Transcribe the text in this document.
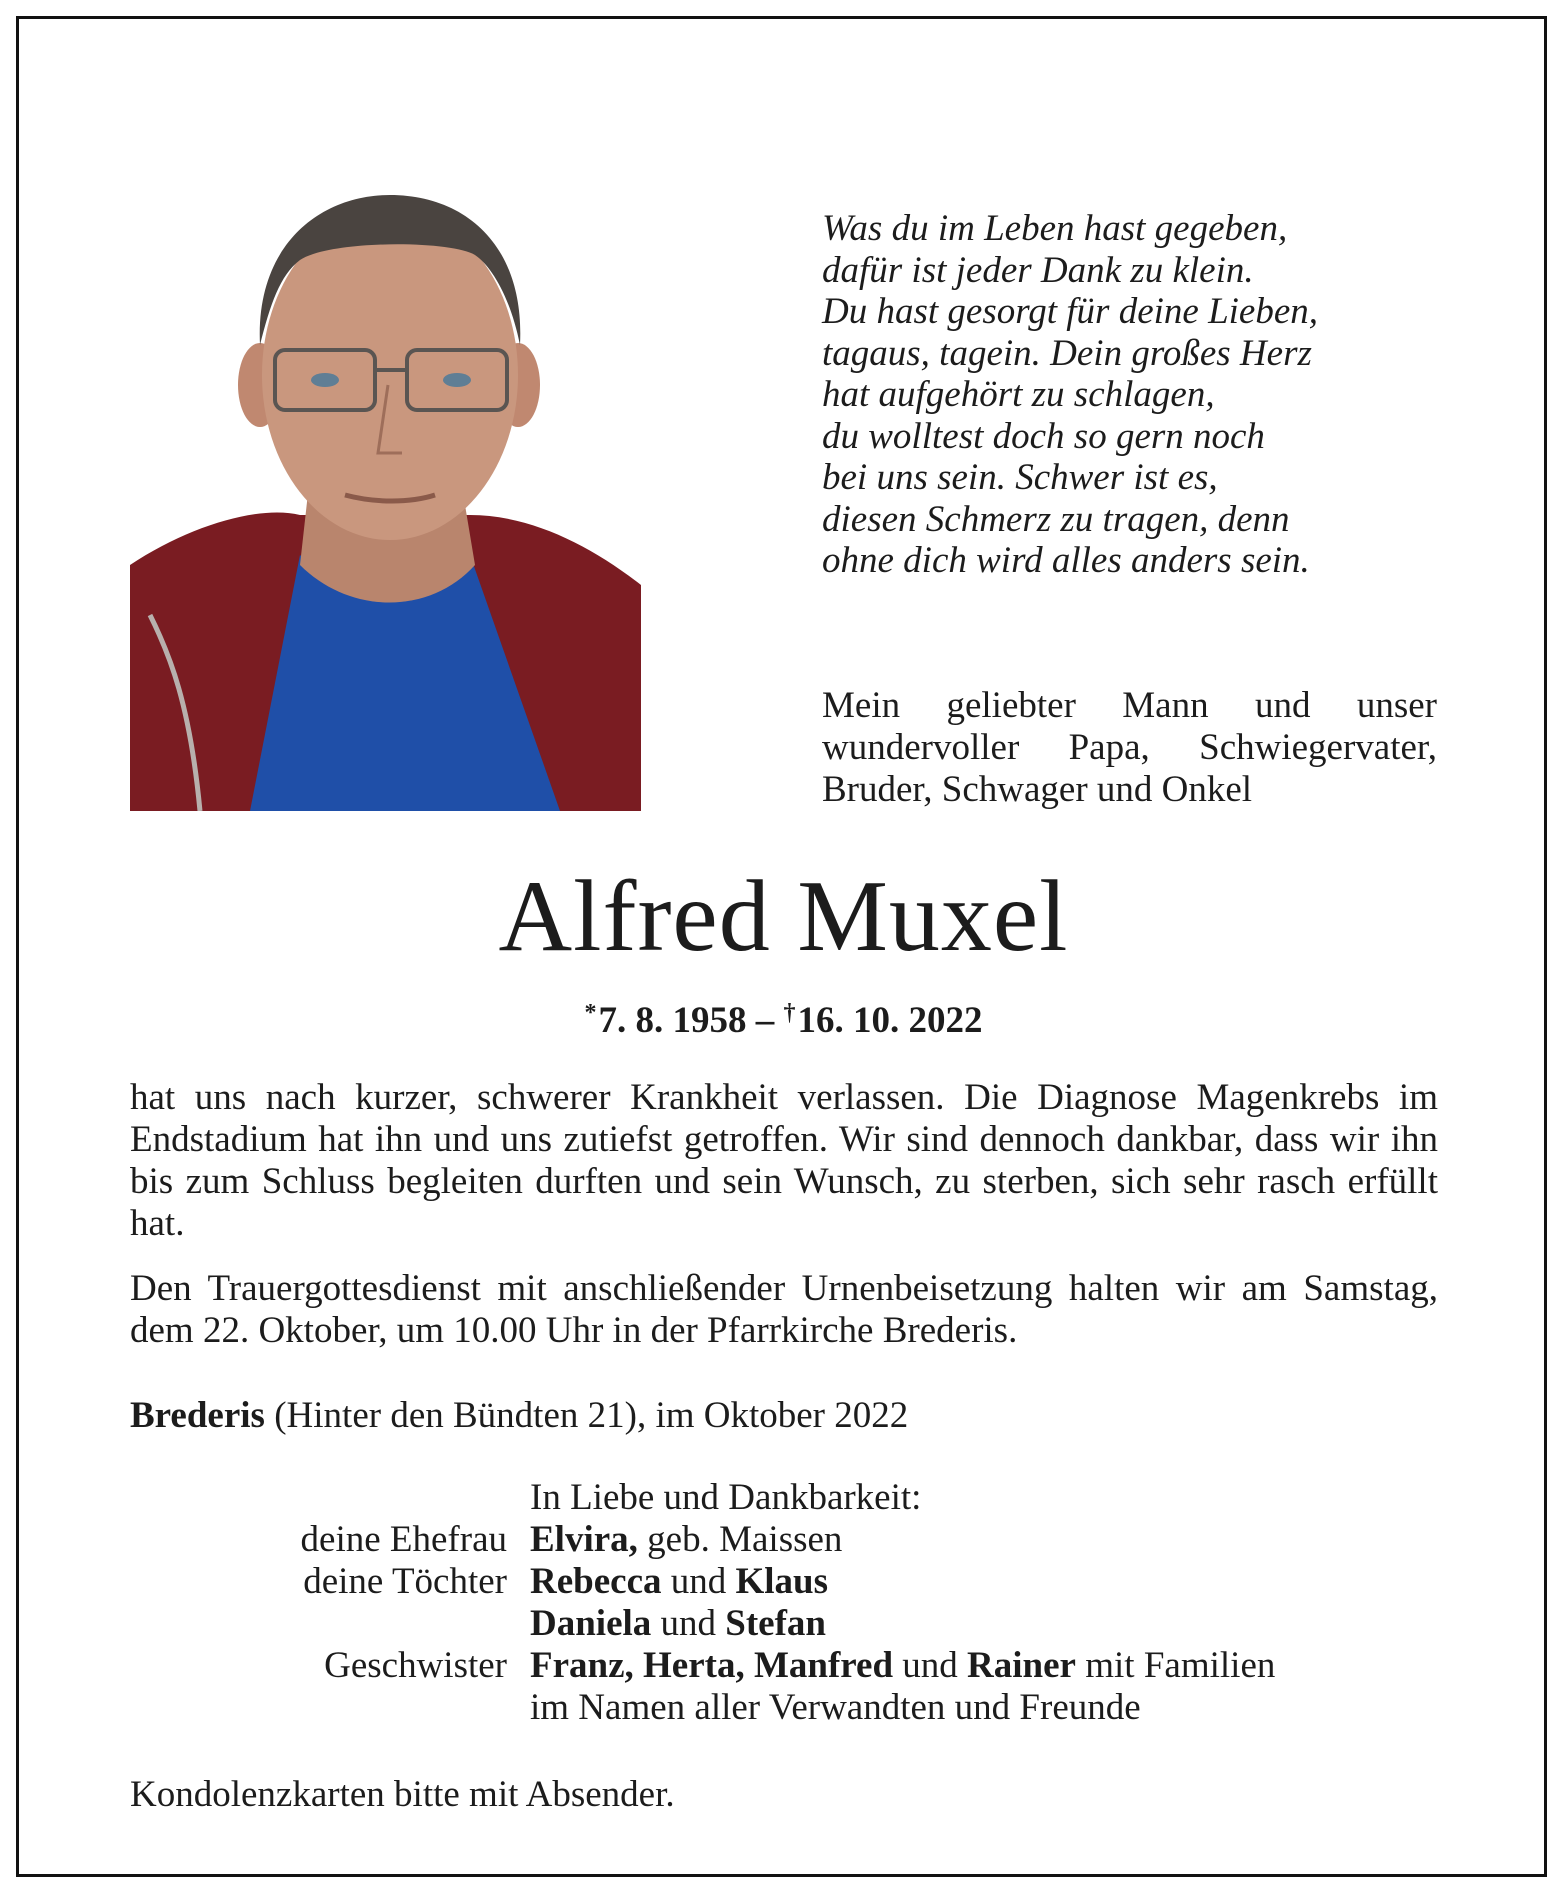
Was du im Leben hast gegeben,
dafür ist jeder Dank zu klein.
Du hast gesorgt für deine Lieben,
tagaus, tagein. Dein großes Herz
hat aufgehört zu schlagen,
du wolltest doch so gern noch
bei uns sein. Schwer ist es,
diesen Schmerz zu tragen, denn
ohne dich wird alles anders sein.
Mein geliebter Mann und unser wundervoller Papa, Schwiegervater, Bruder, Schwager und Onkel
Alfred Muxel
*7. 8. 1958 – †16. 10. 2022
hat uns nach kurzer, schwerer Krankheit verlassen. Die Diagnose Magenkrebs im Endstadium hat ihn und uns zutiefst getroffen. Wir sind dennoch dankbar, dass wir ihn bis zum Schluss begleiten durften und sein Wunsch, zu sterben, sich sehr rasch erfüllt hat.
Den Trauergottesdienst mit anschließender Urnenbeisetzung halten wir am Samstag, dem 22. Oktober, um 10.00 Uhr in der Pfarrkirche Brederis.
Brederis (Hinter den Bündten 21), im Oktober 2022
In Liebe und Dankbarkeit:
deine Ehefrau Elvira, geb. Maissen
deine Töchter Rebecca und Klaus
Daniela und Stefan
Geschwister Franz, Herta, Manfred und Rainer mit Familien
im Namen aller Verwandten und Freunde
Kondolenzkarten bitte mit Absender.
